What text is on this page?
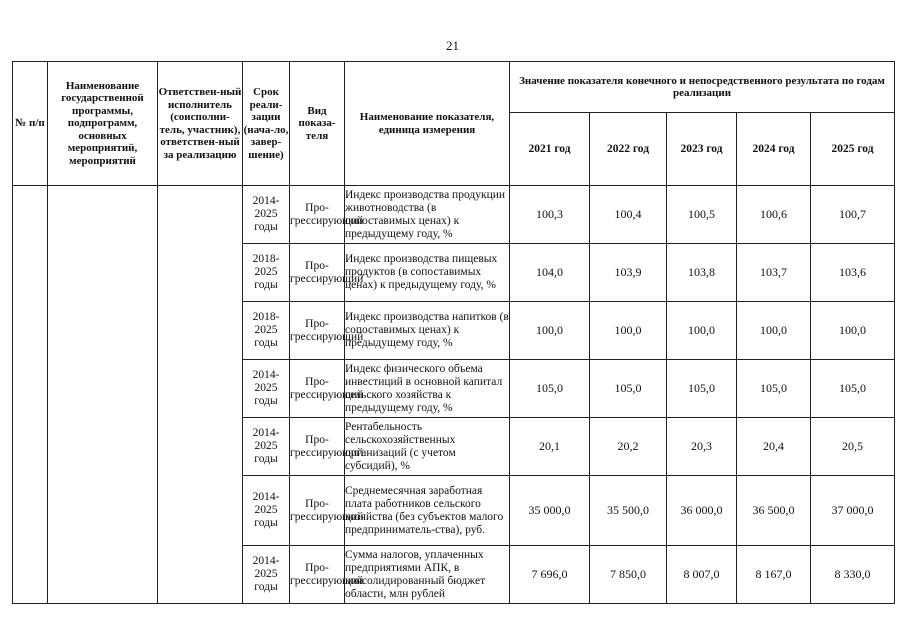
21
№ п/п	Наименование государственной программы, подпрограмм, основных мероприятий, мероприятий	Ответствен-ный исполнитель (соисполни-тель, участник), ответствен-ный за реализацию	Срок реали-зации (нача-ло, завер-шение)	Вид показа-теля	Наименование показателя, единица измерения	Значение показателя конечного и непосредственного результата по годам реализации				
						2021 год	2022 год	2023 год	2024 год	2025 год
			2014-2025 годы	Про-грессирующий	Индекс производства продукции животноводства (в сопоставимых ценах) к предыдущему году, %	100,3	100,4	100,5	100,6	100,7
			2018-2025 годы	Про-грессирующий	Индекс производства пищевых продуктов (в сопоставимых ценах) к предыдущему году, %	104,0	103,9	103,8	103,7	103,6
			2018-2025 годы	Про-грессирующий	Индекс производства напитков (в сопоставимых ценах) к предыдущему году, %	100,0	100,0	100,0	100,0	100,0
			2014-2025 годы	Про-грессирующий	Индекс физического объема инвестиций в основной капитал сельского хозяйства к предыдущему году, %	105,0	105,0	105,0	105,0	105,0
			2014-2025 годы	Про-грессирующий	Рентабельность сельскохозяйственных организаций (с учетом субсидий), %	20,1	20,2	20,3	20,4	20,5
			2014-2025 годы	Про-грессирующий	Среднемесячная заработная плата работников сельского хозяйства (без субъектов малого предприниматель-ства), руб.	35 000,0	35 500,0	36 000,0	36 500,0	37 000,0
			2014-2025 годы	Про-грессирующий	Сумма налогов, уплаченных предприятиями АПК, в консолидированный бюджет области, млн рублей	7 696,0	7 850,0	8 007,0	8 167,0	8 330,0
